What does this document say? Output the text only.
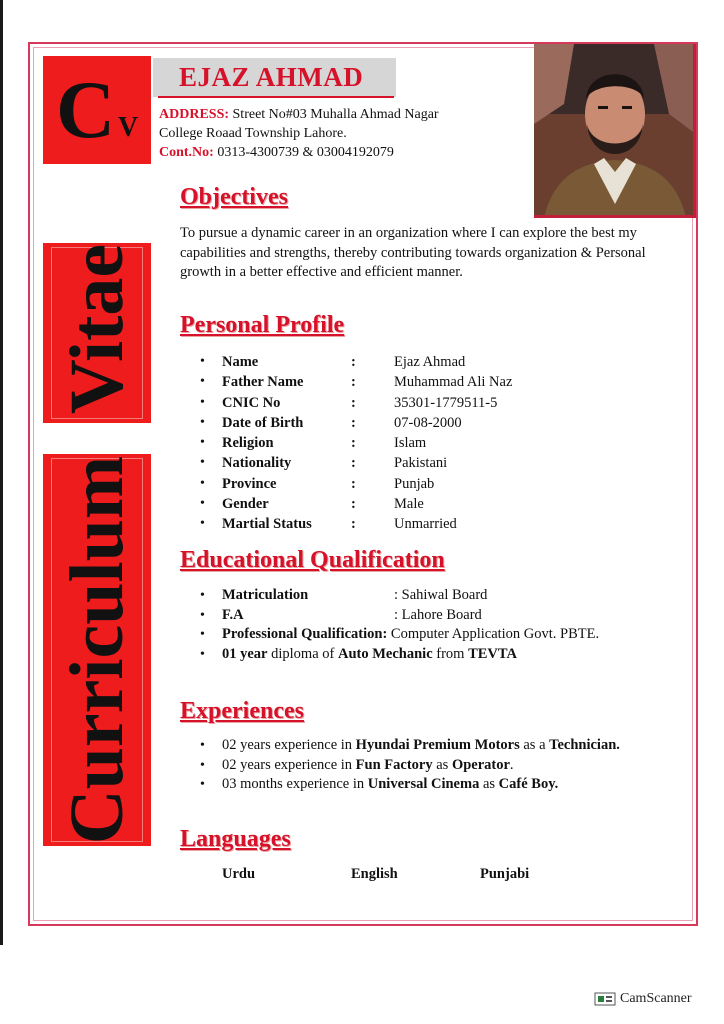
C V
Vitae
Curriculum
EJAZ AHMAD
ADDRESS: Street No#03 Muhalla Ahmad Nagar
College Roaad Township Lahore.
Cont.No: 0313-4300739 & 03004192079
Objectives
To pursue a dynamic career in an organization where I can explore the best my capabilities and strengths, thereby contributing towards organization & Personal growth in a better effective and efficient manner.
Personal Profile
• Name	:	Ejaz Ahmad
• Father Name	:	Muhammad Ali Naz
• CNIC No	:	35301-1779511-5
• Date of Birth	:	07-08-2000
• Religion	:	Islam
• Nationality	:	Pakistani
• Province	:	Punjab
• Gender	:	Male
• Martial Status	:	Unmarried
Educational Qualification
• Matriculation	: Sahiwal Board
• F.A	: Lahore Board
• Professional Qualification: Computer Application Govt. PBTE.
• 01 year diploma of Auto Mechanic from TEVTA
Experiences
• 02 years experience in Hyundai Premium Motors as a Technician.
• 02 years experience in Fun Factory as Operator.
• 03 months experience in Universal Cinema as Café Boy.
Languages
Urdu	English	Punjabi
CamScanner
